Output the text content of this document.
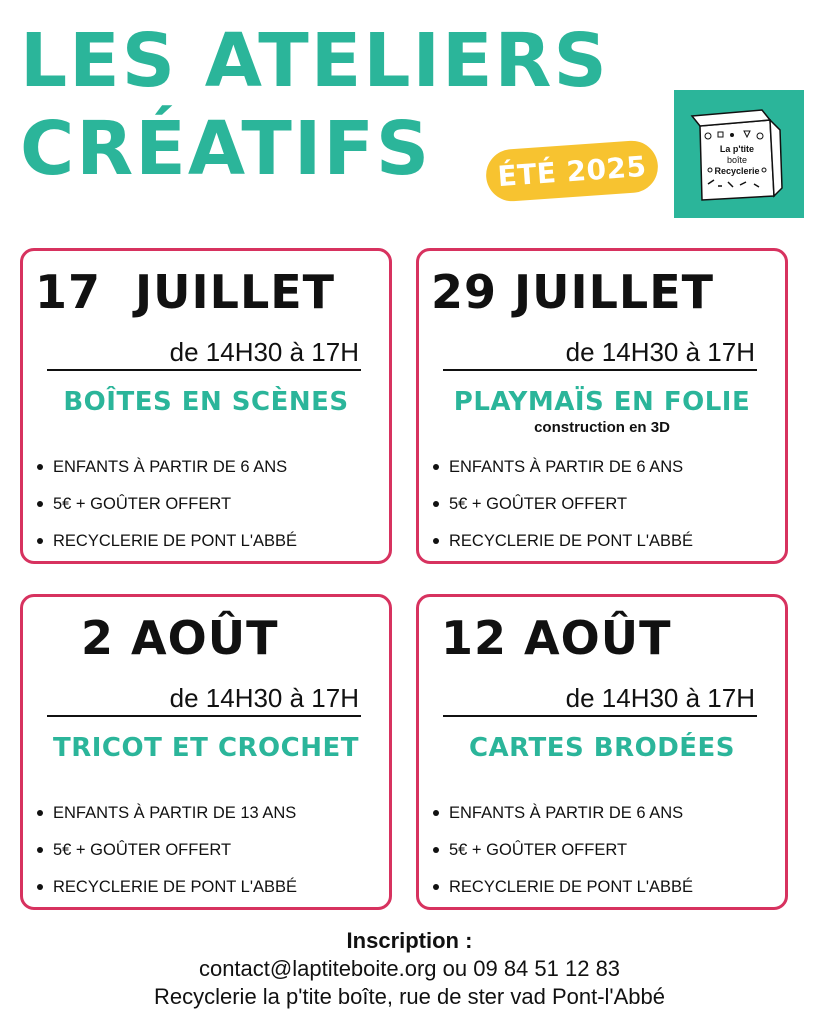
LES ATELIERS
CRÉATIFS	ÉTÉ 2025
La p'tite
boîte
Recyclerie
17  JUILLET
de 14H30 à 17H
BOÎTES EN SCÈNES
ENFANTS À PARTIR DE 6 ANS
5€ + GOÛTER OFFERT
RECYCLERIE DE PONT L'ABBÉ
29 JUILLET
de 14H30 à 17H
PLAYMAÏS EN FOLIE
construction en 3D
ENFANTS À PARTIR DE 6 ANS
5€ + GOÛTER OFFERT
RECYCLERIE DE PONT L'ABBÉ
2 AOÛT
de 14H30 à 17H
TRICOT ET CROCHET
ENFANTS À PARTIR DE 13 ANS
5€ + GOÛTER OFFERT
RECYCLERIE DE PONT L'ABBÉ
12 AOÛT
de 14H30 à 17H
CARTES BRODÉES
ENFANTS À PARTIR DE 6 ANS
5€ + GOÛTER OFFERT
RECYCLERIE DE PONT L'ABBÉ
Inscription :
contact@laptiteboite.org ou 09 84 51 12 83
Recyclerie la p'tite boîte, rue de ster vad Pont-l'Abbé
